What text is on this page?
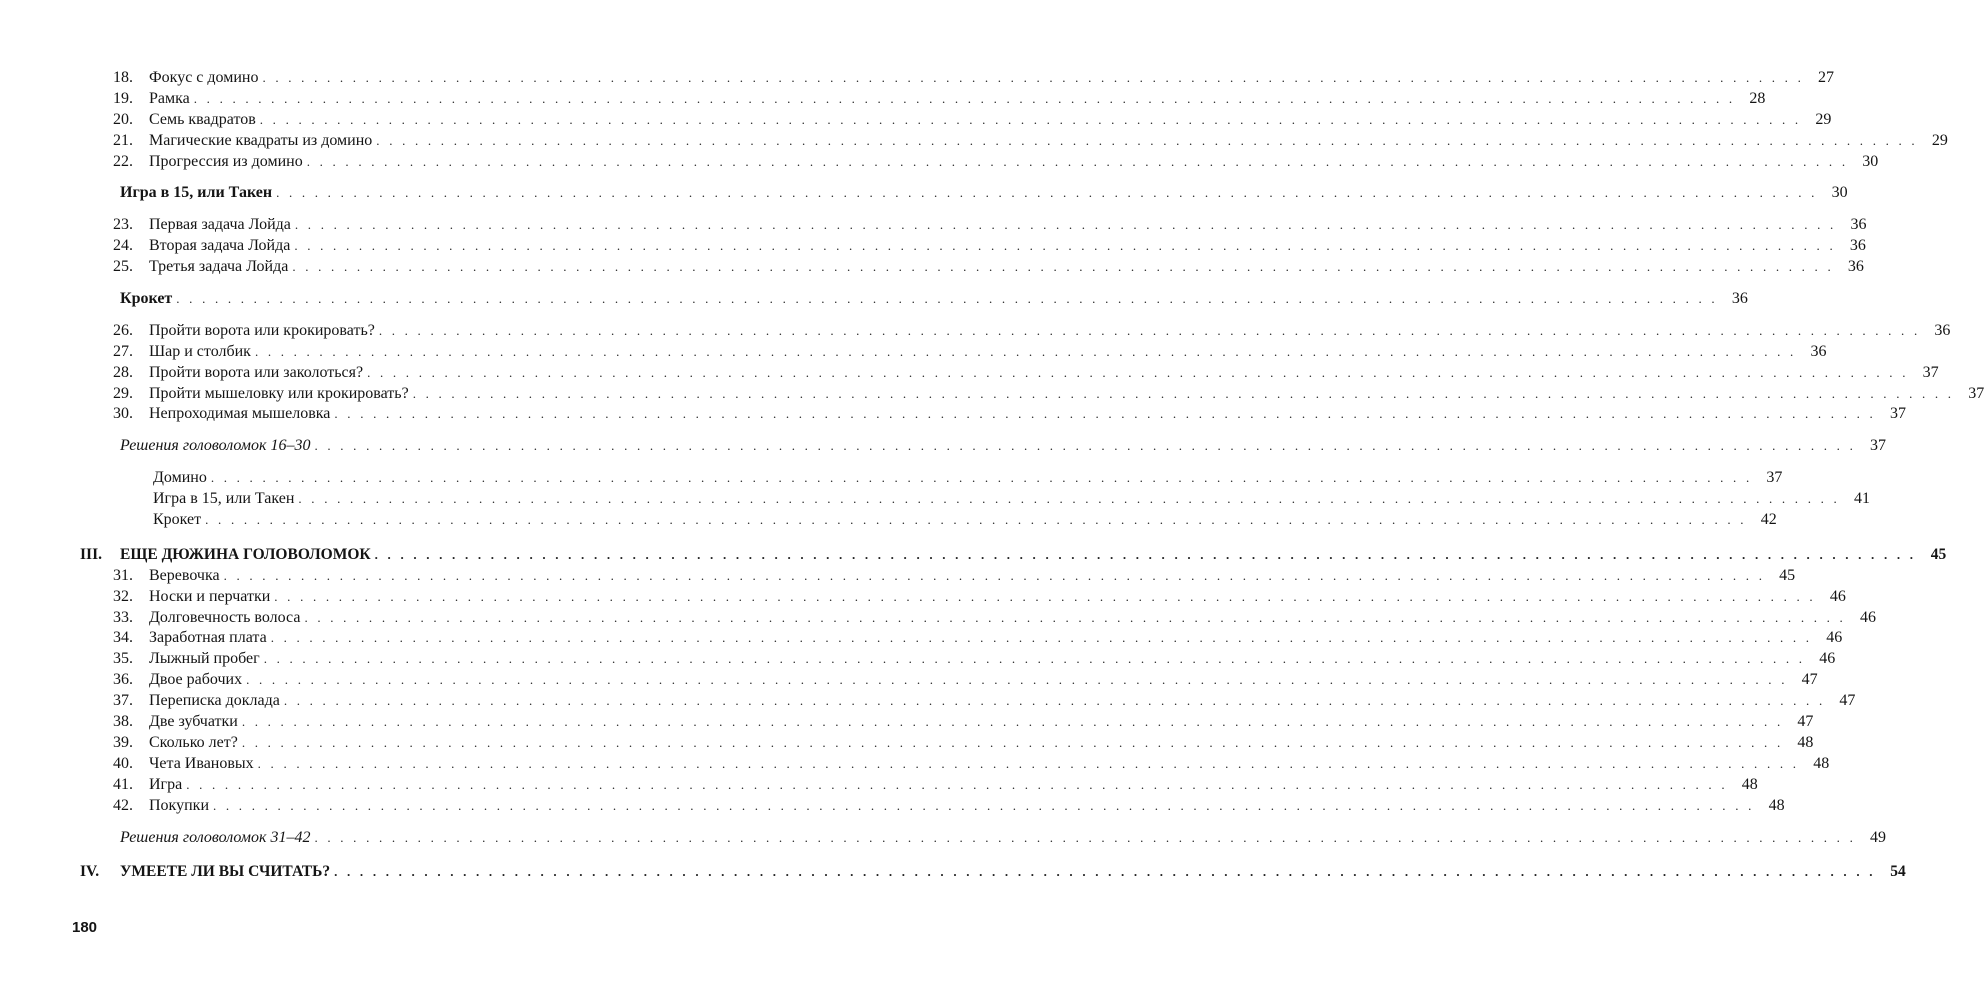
18.	Фокус с домино . . . . . . . . . . . . . . . . . . . . . . . . . . . . . . . . . . . . . . . . . . . . . . . . . . . . . . . . . . . . . . . . . . . . . . . . . . . . . . . . . . . . . . . . . . . . . . . . . . . . . . . . . . . . . . . . . . . . . . . . 27
19.	Рамка . . . . . . . . . . . . . . . . . . . . . . . . . . . . . . . . . . . . . . . . . . . . . . . . . . . . . . . . . . . . . . . . . . . . . . . . . . . . . . . . . . . . . . . . . . . . . . . . . . . . . . . . . . . . . . . . . . . . . . . . 28
20.	Семь квадратов . . . . . . . . . . . . . . . . . . . . . . . . . . . . . . . . . . . . . . . . . . . . . . . . . . . . . . . . . . . . . . . . . . . . . . . . . . . . . . . . . . . . . . . . . . . . . . . . . . . . . . . . . . . . . . . . . . . . . . . . 29
21.	Магические квадраты из домино . . . . . . . . . . . . . . . . . . . . . . . . . . . . . . . . . . . . . . . . . . . . . . . . . . . . . . . . . . . . . . . . . . . . . . . . . . . . . . . . . . . . . . . . . . . . . . . . . . . . . . . . . . . . . . . . . . . . . . . . 29
22.	Прогрессия из домино . . . . . . . . . . . . . . . . . . . . . . . . . . . . . . . . . . . . . . . . . . . . . . . . . . . . . . . . . . . . . . . . . . . . . . . . . . . . . . . . . . . . . . . . . . . . . . . . . . . . . . . . . . . . . . . . . . . . . . . . 30
Игра в 15, или Такен . . . . . . . . . . . . . . . . . . . . . . . . . . . . . . . . . . . . . . . . . . . . . . . . . . . . . . . . . . . . . . . . . . . . . . . . . . . . . . . . . . . . . . . . . . . . . . . . . . . . . . . . . . . . . . . . . . . . . . . . 30
23.	Первая задача Лойда . . . . . . . . . . . . . . . . . . . . . . . . . . . . . . . . . . . . . . . . . . . . . . . . . . . . . . . . . . . . . . . . . . . . . . . . . . . . . . . . . . . . . . . . . . . . . . . . . . . . . . . . . . . . . . . . . . . . . . . . 36
24.	Вторая задача Лойда . . . . . . . . . . . . . . . . . . . . . . . . . . . . . . . . . . . . . . . . . . . . . . . . . . . . . . . . . . . . . . . . . . . . . . . . . . . . . . . . . . . . . . . . . . . . . . . . . . . . . . . . . . . . . . . . . . . . . . . . 36
25.	Третья задача Лойда . . . . . . . . . . . . . . . . . . . . . . . . . . . . . . . . . . . . . . . . . . . . . . . . . . . . . . . . . . . . . . . . . . . . . . . . . . . . . . . . . . . . . . . . . . . . . . . . . . . . . . . . . . . . . . . . . . . . . . . . 36
Крокет . . . . . . . . . . . . . . . . . . . . . . . . . . . . . . . . . . . . . . . . . . . . . . . . . . . . . . . . . . . . . . . . . . . . . . . . . . . . . . . . . . . . . . . . . . . . . . . . . . . . . . . . . . . . . . . . . . . . . . . . 36
26.	Пройти ворота или крокировать? . . . . . . . . . . . . . . . . . . . . . . . . . . . . . . . . . . . . . . . . . . . . . . . . . . . . . . . . . . . . . . . . . . . . . . . . . . . . . . . . . . . . . . . . . . . . . . . . . . . . . . . . . . . . . . . . . . . . . . . . 36
27.	Шар и столбик . . . . . . . . . . . . . . . . . . . . . . . . . . . . . . . . . . . . . . . . . . . . . . . . . . . . . . . . . . . . . . . . . . . . . . . . . . . . . . . . . . . . . . . . . . . . . . . . . . . . . . . . . . . . . . . . . . . . . . . . 36
28.	Пройти ворота или заколоться? . . . . . . . . . . . . . . . . . . . . . . . . . . . . . . . . . . . . . . . . . . . . . . . . . . . . . . . . . . . . . . . . . . . . . . . . . . . . . . . . . . . . . . . . . . . . . . . . . . . . . . . . . . . . . . . . . . . . . . . . 37
29.	Пройти мышеловку или крокировать? . . . . . . . . . . . . . . . . . . . . . . . . . . . . . . . . . . . . . . . . . . . . . . . . . . . . . . . . . . . . . . . . . . . . . . . . . . . . . . . . . . . . . . . . . . . . . . . . . . . . . . . . . . . . . . . . . . . . . . . . 37
30.	Непроходимая мышеловка . . . . . . . . . . . . . . . . . . . . . . . . . . . . . . . . . . . . . . . . . . . . . . . . . . . . . . . . . . . . . . . . . . . . . . . . . . . . . . . . . . . . . . . . . . . . . . . . . . . . . . . . . . . . . . . . . . . . . . . . 37
Решения головоломок 16–30 . . . . . . . . . . . . . . . . . . . . . . . . . . . . . . . . . . . . . . . . . . . . . . . . . . . . . . . . . . . . . . . . . . . . . . . . . . . . . . . . . . . . . . . . . . . . . . . . . . . . . . . . . . . . . . . . . . . . . . . . 37
Домино . . . . . . . . . . . . . . . . . . . . . . . . . . . . . . . . . . . . . . . . . . . . . . . . . . . . . . . . . . . . . . . . . . . . . . . . . . . . . . . . . . . . . . . . . . . . . . . . . . . . . . . . . . . . . . . . . . . . . . . . 37
Игра в 15, или Такен . . . . . . . . . . . . . . . . . . . . . . . . . . . . . . . . . . . . . . . . . . . . . . . . . . . . . . . . . . . . . . . . . . . . . . . . . . . . . . . . . . . . . . . . . . . . . . . . . . . . . . . . . . . . . . . . . . . . . . . . 41
Крокет . . . . . . . . . . . . . . . . . . . . . . . . . . . . . . . . . . . . . . . . . . . . . . . . . . . . . . . . . . . . . . . . . . . . . . . . . . . . . . . . . . . . . . . . . . . . . . . . . . . . . . . . . . . . . . . . . . . . . . . . 42
III.	ЕЩЕ ДЮЖИНА ГОЛОВОЛОМОК . . . . . . . . . . . . . . . . . . . . . . . . . . . . . . . . . . . . . . . . . . . . . . . . . . . . . . . . . . . . . . . . . . . . . . . . . . . . . . . . . . . . . . . . . . . . . . . . . . . . . . . . . . . . . . . . . . . . . . . . 45
31.	Веревочка . . . . . . . . . . . . . . . . . . . . . . . . . . . . . . . . . . . . . . . . . . . . . . . . . . . . . . . . . . . . . . . . . . . . . . . . . . . . . . . . . . . . . . . . . . . . . . . . . . . . . . . . . . . . . . . . . . . . . . . . 45
32.	Носки и перчатки . . . . . . . . . . . . . . . . . . . . . . . . . . . . . . . . . . . . . . . . . . . . . . . . . . . . . . . . . . . . . . . . . . . . . . . . . . . . . . . . . . . . . . . . . . . . . . . . . . . . . . . . . . . . . . . . . . . . . . . . 46
33.	Долговечность волоса . . . . . . . . . . . . . . . . . . . . . . . . . . . . . . . . . . . . . . . . . . . . . . . . . . . . . . . . . . . . . . . . . . . . . . . . . . . . . . . . . . . . . . . . . . . . . . . . . . . . . . . . . . . . . . . . . . . . . . . . 46
34.	Заработная плата . . . . . . . . . . . . . . . . . . . . . . . . . . . . . . . . . . . . . . . . . . . . . . . . . . . . . . . . . . . . . . . . . . . . . . . . . . . . . . . . . . . . . . . . . . . . . . . . . . . . . . . . . . . . . . . . . . . . . . . . 46
35.	Лыжный пробег . . . . . . . . . . . . . . . . . . . . . . . . . . . . . . . . . . . . . . . . . . . . . . . . . . . . . . . . . . . . . . . . . . . . . . . . . . . . . . . . . . . . . . . . . . . . . . . . . . . . . . . . . . . . . . . . . . . . . . . . 46
36.	Двое рабочих . . . . . . . . . . . . . . . . . . . . . . . . . . . . . . . . . . . . . . . . . . . . . . . . . . . . . . . . . . . . . . . . . . . . . . . . . . . . . . . . . . . . . . . . . . . . . . . . . . . . . . . . . . . . . . . . . . . . . . . . 47
37.	Переписка доклада . . . . . . . . . . . . . . . . . . . . . . . . . . . . . . . . . . . . . . . . . . . . . . . . . . . . . . . . . . . . . . . . . . . . . . . . . . . . . . . . . . . . . . . . . . . . . . . . . . . . . . . . . . . . . . . . . . . . . . . . 47
38.	Две зубчатки . . . . . . . . . . . . . . . . . . . . . . . . . . . . . . . . . . . . . . . . . . . . . . . . . . . . . . . . . . . . . . . . . . . . . . . . . . . . . . . . . . . . . . . . . . . . . . . . . . . . . . . . . . . . . . . . . . . . . . . . 47
39.	Сколько лет? . . . . . . . . . . . . . . . . . . . . . . . . . . . . . . . . . . . . . . . . . . . . . . . . . . . . . . . . . . . . . . . . . . . . . . . . . . . . . . . . . . . . . . . . . . . . . . . . . . . . . . . . . . . . . . . . . . . . . . . . 48
40.	Чета Ивановых . . . . . . . . . . . . . . . . . . . . . . . . . . . . . . . . . . . . . . . . . . . . . . . . . . . . . . . . . . . . . . . . . . . . . . . . . . . . . . . . . . . . . . . . . . . . . . . . . . . . . . . . . . . . . . . . . . . . . . . . 48
41.	Игра . . . . . . . . . . . . . . . . . . . . . . . . . . . . . . . . . . . . . . . . . . . . . . . . . . . . . . . . . . . . . . . . . . . . . . . . . . . . . . . . . . . . . . . . . . . . . . . . . . . . . . . . . . . . . . . . . . . . . . . . 48
42.	Покупки . . . . . . . . . . . . . . . . . . . . . . . . . . . . . . . . . . . . . . . . . . . . . . . . . . . . . . . . . . . . . . . . . . . . . . . . . . . . . . . . . . . . . . . . . . . . . . . . . . . . . . . . . . . . . . . . . . . . . . . . 48
Решения головоломок 31–42 . . . . . . . . . . . . . . . . . . . . . . . . . . . . . . . . . . . . . . . . . . . . . . . . . . . . . . . . . . . . . . . . . . . . . . . . . . . . . . . . . . . . . . . . . . . . . . . . . . . . . . . . . . . . . . . . . . . . . . . . 49
IV.	УМЕЕТЕ ЛИ ВЫ СЧИТАТЬ? . . . . . . . . . . . . . . . . . . . . . . . . . . . . . . . . . . . . . . . . . . . . . . . . . . . . . . . . . . . . . . . . . . . . . . . . . . . . . . . . . . . . . . . . . . . . . . . . . . . . . . . . . . . . . . . . . . . . . . . . 54
180
